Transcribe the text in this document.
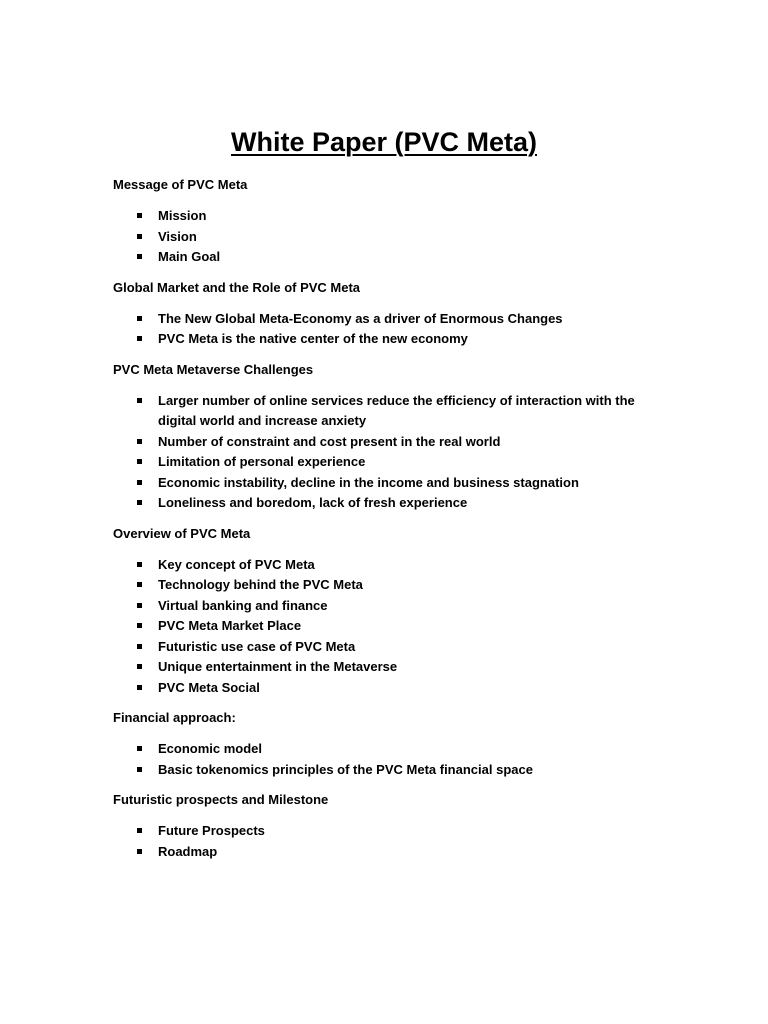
White Paper (PVC Meta)

Message of PVC Meta

Mission
Vision
Main Goal

Global Market and the Role of PVC Meta

The New Global Meta-Economy as a driver of Enormous Changes
PVC Meta is the native center of the new economy

PVC Meta Metaverse Challenges

Larger number of online services reduce the efficiency of interaction with the digital world and increase anxiety
Number of constraint and cost present in the real world
Limitation of personal experience
Economic instability, decline in the income and business stagnation
Loneliness and boredom, lack of fresh experience

Overview of PVC Meta

Key concept of PVC Meta
Technology behind the PVC Meta
Virtual banking and finance
PVC Meta Market Place
Futuristic use case of PVC Meta
Unique entertainment in the Metaverse
PVC Meta Social

Financial approach:

Economic model
Basic tokenomics principles of the PVC Meta financial space

Futuristic prospects and Milestone

Future Prospects
Roadmap
